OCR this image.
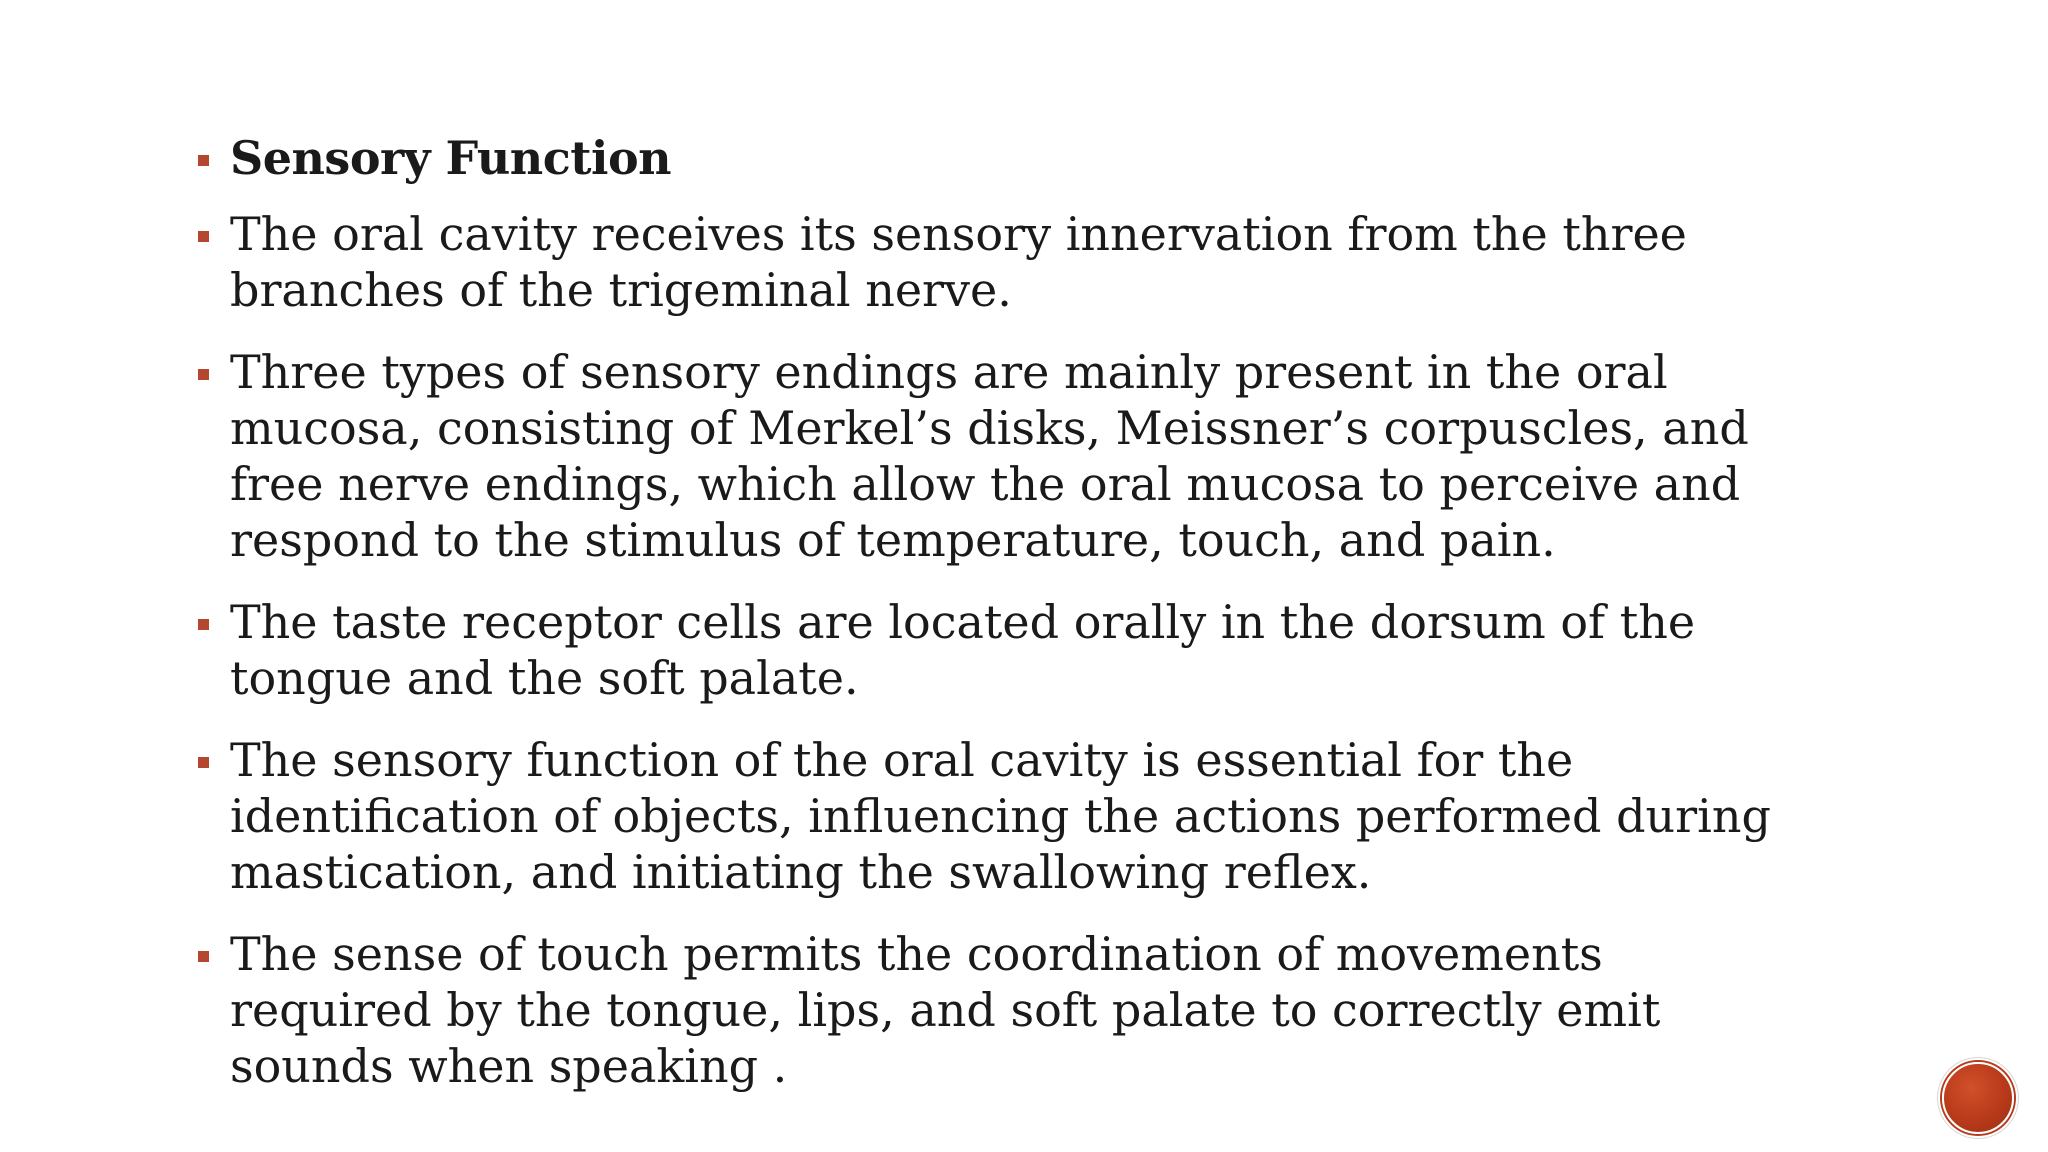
Sensory Function
The oral cavity receives its sensory innervation from the three branches of the trigeminal nerve.
Three types of sensory endings are mainly present in the oral mucosa, consisting of Merkel’s disks, Meissner’s corpuscles, and free nerve endings, which allow the oral mucosa to perceive and respond to the stimulus of temperature, touch, and pain.
The taste receptor cells are located orally in the dorsum of the tongue and the soft palate.
The sensory function of the oral cavity is essential for the identification of objects, influencing the actions performed during mastication, and initiating the swallowing reflex.
The sense of touch permits the coordination of movements required by the tongue, lips, and soft palate to correctly emit sounds when speaking .
